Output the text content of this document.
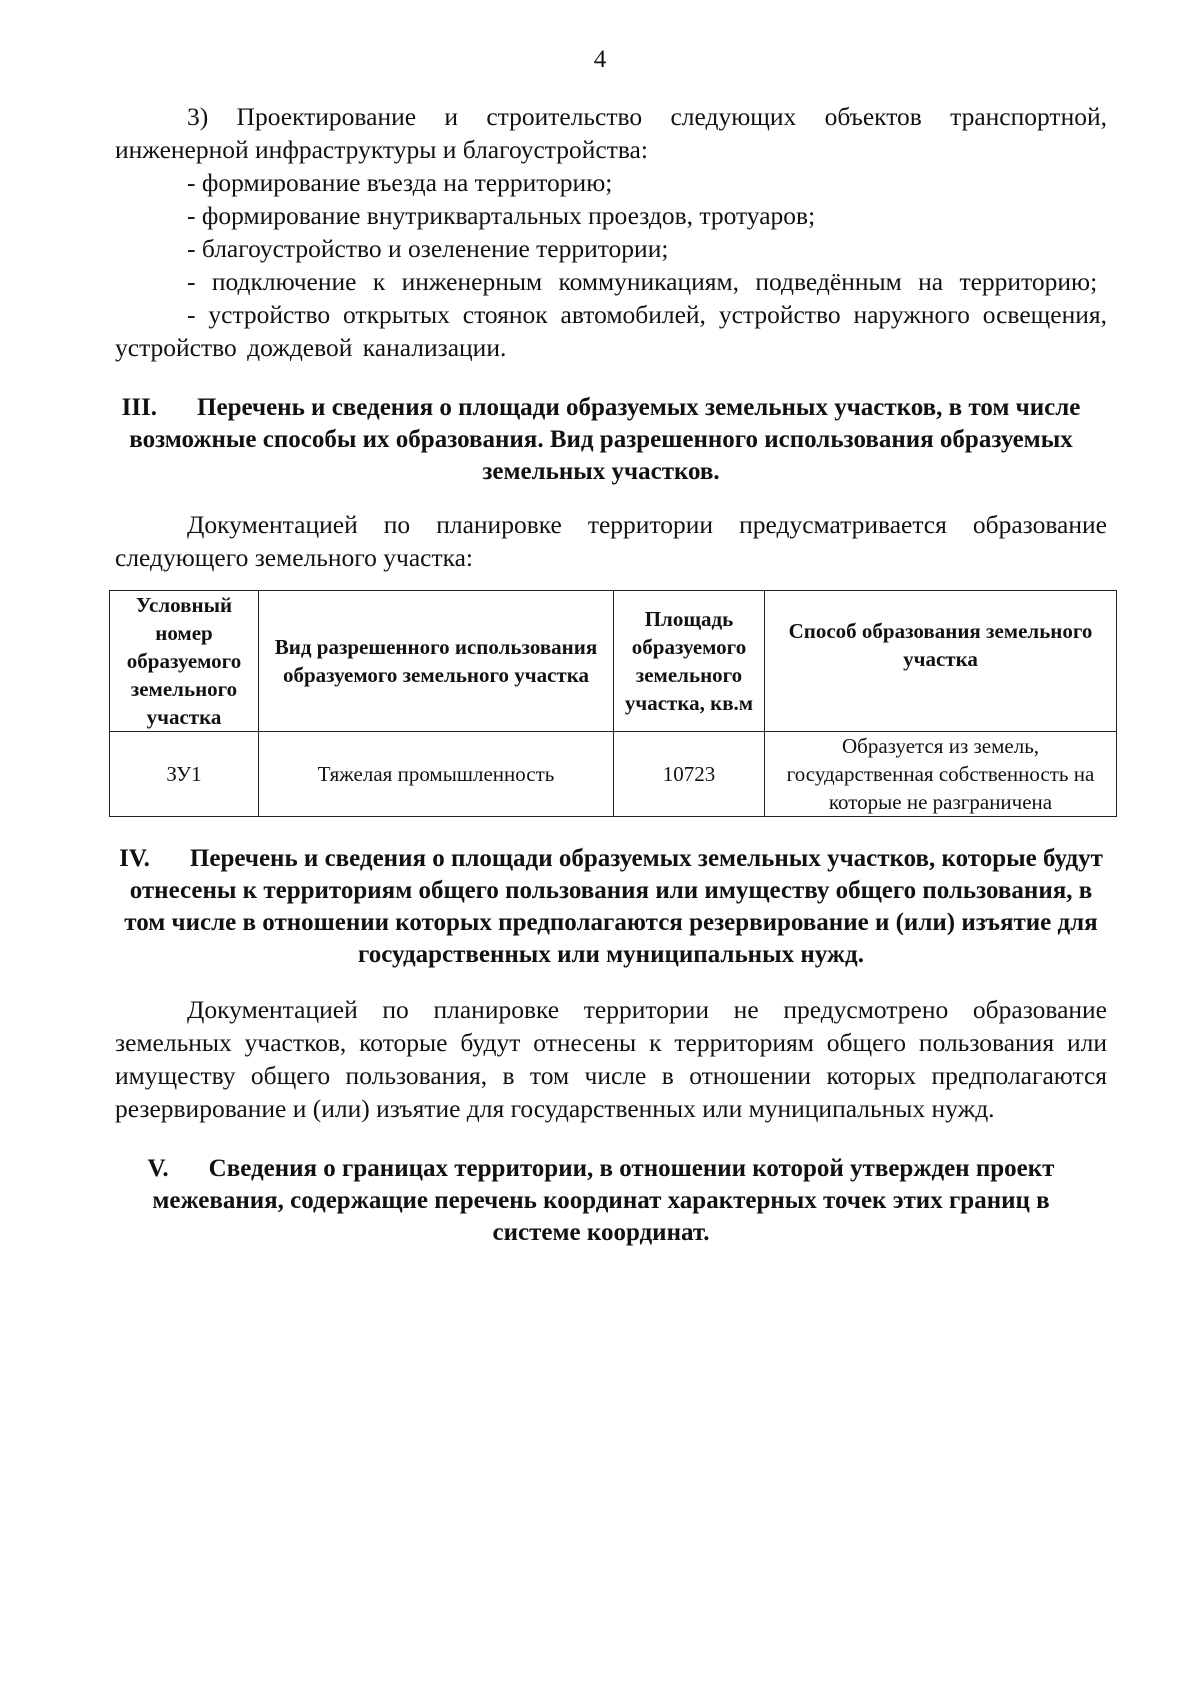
4

3) Проектирование и строительство следующих объектов транспортной, инженерной инфраструктуры и благоустройства:

- формирование въезда на территорию;

- формирование внутриквартальных проездов, тротуаров;

- благоустройство и озеленение территории;

- подключение к инженерным коммуникациям, подведённым на территорию;

- устройство открытых стоянок автомобилей, устройство наружного освещения, устройство дождевой канализации.

III. Перечень и сведения о площади образуемых земельных участков, в том числе возможные способы их образования. Вид разрешенного использования образуемых земельных участков.

Документацией по планировке территории предусматривается образование следующего земельного участка:

Условный номер образуемого земельного участка	Вид разрешенного использования образуемого земельного участка	Площадь образуемого земельного участка, кв.м	Способ образования земельного участка
ЗУ1	Тяжелая промышленность	10723	Образуется из земель, государственная собственность на которые не разграничена

IV. Перечень и сведения о площади образуемых земельных участков, которые будут отнесены к территориям общего пользования или имуществу общего пользования, в том числе в отношении которых предполагаются резервирование и (или) изъятие для государственных или муниципальных нужд.

Документацией по планировке территории не предусмотрено образование земельных участков, которые будут отнесены к территориям общего пользования или имуществу общего пользования, в том числе в отношении которых предполагаются резервирование и (или) изъятие для государственных или муниципальных нужд.

V. Сведения о границах территории, в отношении которой утвержден проект межевания, содержащие перечень координат характерных точек этих границ в системе координат.
